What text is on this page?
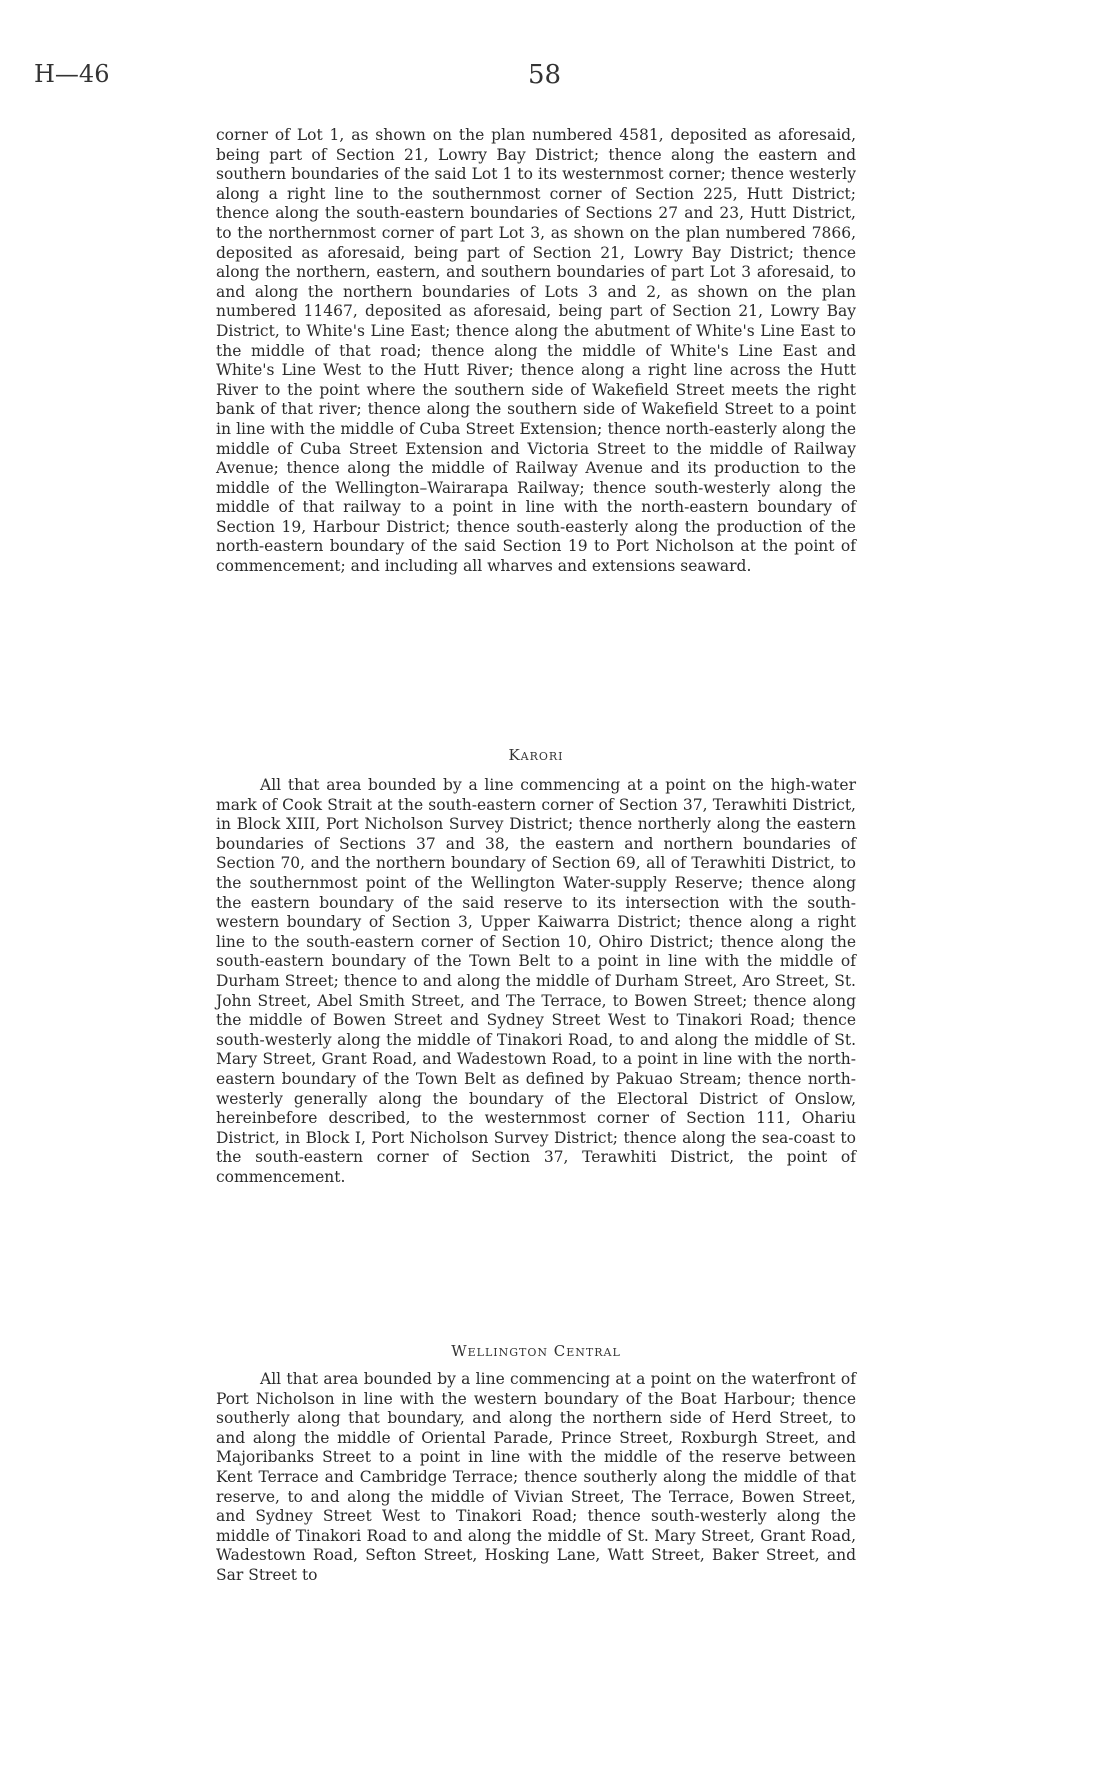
H—46	58

corner of Lot 1, as shown on the plan numbered 4581, deposited as aforesaid, being part of Section 21, Lowry Bay District; thence along the eastern and southern boundaries of the said Lot 1 to its westernmost corner; thence westerly along a right line to the southernmost corner of Section 225, Hutt District; thence along the south-eastern boundaries of Sections 27 and 23, Hutt District, to the northernmost corner of part Lot 3, as shown on the plan numbered 7866, deposited as aforesaid, being part of Section 21, Lowry Bay District; thence along the northern, eastern, and southern boundaries of part Lot 3 aforesaid, to and along the northern boundaries of Lots 3 and 2, as shown on the plan numbered 11467, deposited as aforesaid, being part of Section 21, Lowry Bay District, to White's Line East; thence along the abutment of White's Line East to the middle of that road; thence along the middle of White's Line East and White's Line West to the Hutt River; thence along a right line across the Hutt River to the point where the southern side of Wakefield Street meets the right bank of that river; thence along the southern side of Wakefield Street to a point in line with the middle of Cuba Street Extension; thence north-easterly along the middle of Cuba Street Extension and Victoria Street to the middle of Railway Avenue; thence along the middle of Railway Avenue and its production to the middle of the Wellington–Wairarapa Railway; thence south-westerly along the middle of that railway to a point in line with the north-eastern boundary of Section 19, Harbour District; thence south-easterly along the production of the north-eastern boundary of the said Section 19 to Port Nicholson at the point of commencement; and including all wharves and extensions seaward.

Karori

All that area bounded by a line commencing at a point on the high-water mark of Cook Strait at the south-eastern corner of Section 37, Terawhiti District, in Block XIII, Port Nicholson Survey District; thence northerly along the eastern boundaries of Sections 37 and 38, the eastern and northern boundaries of Section 70, and the northern boundary of Section 69, all of Terawhiti District, to the southernmost point of the Wellington Water-supply Reserve; thence along the eastern boundary of the said reserve to its intersection with the south-western boundary of Section 3, Upper Kaiwarra District; thence along a right line to the south-eastern corner of Section 10, Ohiro District; thence along the south-eastern boundary of the Town Belt to a point in line with the middle of Durham Street; thence to and along the middle of Durham Street, Aro Street, St. John Street, Abel Smith Street, and The Terrace, to Bowen Street; thence along the middle of Bowen Street and Sydney Street West to Tinakori Road; thence south-westerly along the middle of Tinakori Road, to and along the middle of St. Mary Street, Grant Road, and Wadestown Road, to a point in line with the north-eastern boundary of the Town Belt as defined by Pakuao Stream; thence north-westerly generally along the boundary of the Electoral District of Onslow, hereinbefore described, to the westernmost corner of Section 111, Ohariu District, in Block I, Port Nicholson Survey District; thence along the sea-coast to the south-eastern corner of Section 37, Terawhiti District, the point of commencement.

Wellington Central

All that area bounded by a line commencing at a point on the waterfront of Port Nicholson in line with the western boundary of the Boat Harbour; thence southerly along that boundary, and along the northern side of Herd Street, to and along the middle of Oriental Parade, Prince Street, Roxburgh Street, and Majoribanks Street to a point in line with the middle of the reserve between Kent Terrace and Cambridge Terrace; thence southerly along the middle of that reserve, to and along the middle of Vivian Street, The Terrace, Bowen Street, and Sydney Street West to Tinakori Road; thence south-westerly along the middle of Tinakori Road to and along the middle of St. Mary Street, Grant Road, Wadestown Road, Sefton Street, Hosking Lane, Watt Street, Baker Street, and Sar Street to
